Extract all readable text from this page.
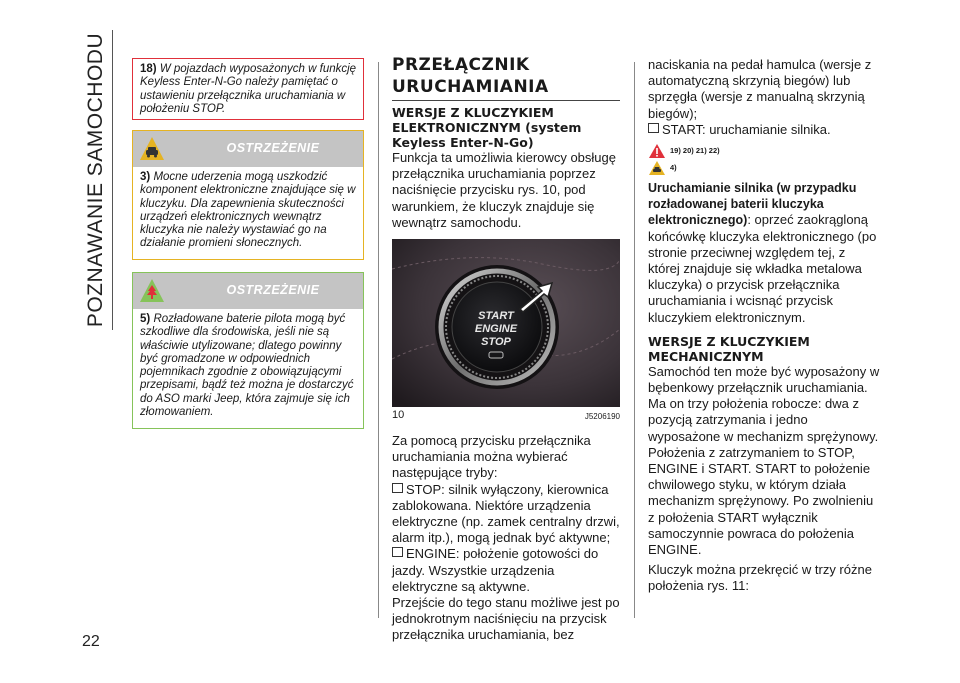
POZNAWANIE SAMOCHODU
22
18) W pojazdach wyposażonych w funkcję Keyless Enter-N-Go należy pamiętać o ustawieniu przełącznika uruchamiania w położeniu STOP.
OSTRZEŻENIE
3) Mocne uderzenia mogą uszkodzić komponent elektroniczne znajdujące się w kluczyku. Dla zapewnienia skuteczności urządzeń elektronicznych wewnątrz kluczyka nie należy wystawiać go na działanie promieni słonecznych.
OSTRZEŻENIE
5) Rozładowane baterie pilota mogą być szkodliwe dla środowiska, jeśli nie są właściwie utylizowane; dlatego powinny być gromadzone w odpowiednich pojemnikach zgodnie z obowiązującymi przepisami, bądź też można je dostarczyć do ASO marki Jeep, która zajmuje się ich złomowaniem.
PRZEŁĄCZNIK
URUCHAMIANIA
WERSJE Z KLUCZYKIEM ELEKTRONICZNYM (system Keyless Enter-N-Go)

Funkcja ta umożliwia kierowcy obsługę przełącznika uruchamiania poprzez naciśnięcie przycisku rys. 10, pod warunkiem, że kluczyk znajduje się wewnątrz samochodu.

START
ENGINE
STOP
10	J5206190

Za pomocą przycisku przełącznika uruchamiania można wybierać następujące tryby:

STOP: silnik wyłączony, kierownica zablokowana. Niektóre urządzenia elektryczne (np. zamek centralny drzwi, alarm itp.), mogą jednak być aktywne;

ENGINE: położenie gotowości do jazdy. Wszystkie urządzenia elektryczne są aktywne.

Przejście do tego stanu możliwe jest po jednokrotnym naciśnięciu na przycisk przełącznika uruchamiania, bez

naciskania na pedał hamulca (wersje z automatyczną skrzynią biegów) lub sprzęgła (wersje z manualną skrzynią biegów);

START: uruchamianie silnika.

19) 20) 21) 22)
4)

Uruchamianie silnika (w przypadku rozładowanej baterii kluczyka elektronicznego): oprzeć zaokrągloną końcówkę kluczyka elektronicznego (po stronie przeciwnej względem tej, z której znajduje się wkładka metalowa kluczyka) o przycisk przełącznika uruchamiania i wcisnąć przycisk kluczykiem elektronicznym.

WERSJE Z KLUCZYKIEM MECHANICZNYM

Samochód ten może być wyposażony w bębenkowy przełącznik uruchamiania. Ma on trzy położenia robocze: dwa z pozycją zatrzymania i jedno wyposażone w mechanizm sprężynowy. Położenia z zatrzymaniem to STOP, ENGINE i START. START to położenie chwilowego styku, w którym działa mechanizm sprężynowy. Po zwolnieniu z położenia START wyłącznik samoczynnie powraca do położenia ENGINE.

Kluczyk można przekręcić w trzy różne położenia rys. 11:
